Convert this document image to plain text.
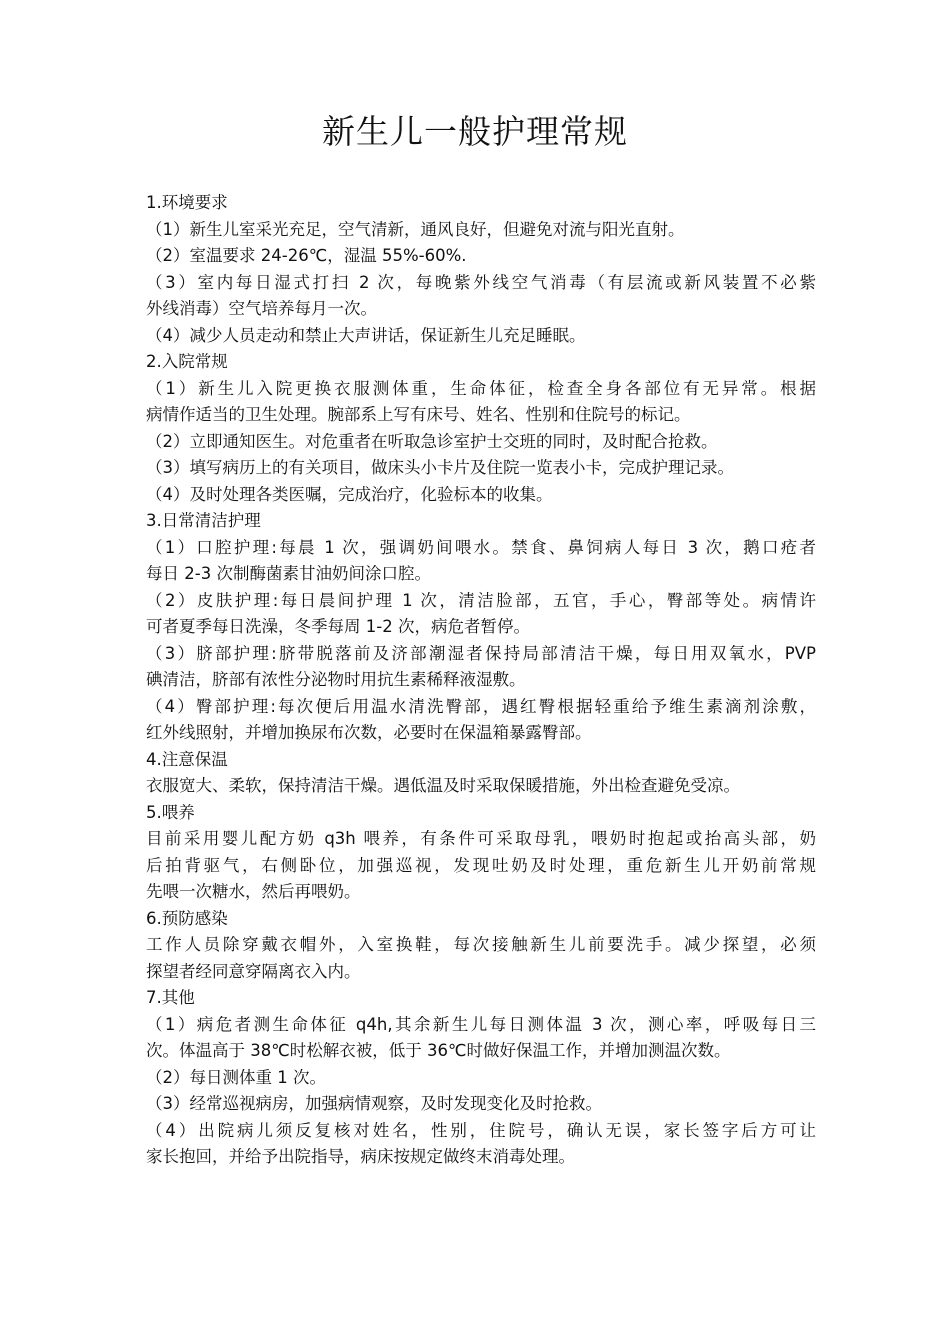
新生儿一般护理常规

1.环境要求

（1）新生儿室采光充足，空气清新，通风良好，但避免对流与阳光直射。

（2）室温要求 24-26℃，湿温 55%-60%.

（3）室内每日湿式打扫 2 次，每晚紫外线空气消毒（有层流或新风装置不必紫

外线消毒）空气培养每月一次。

（4）减少人员走动和禁止大声讲话，保证新生儿充足睡眠。

2.入院常规

（1）新生儿入院更换衣服测体重，生命体征，检查全身各部位有无异常。根据

病情作适当的卫生处理。腕部系上写有床号、姓名、性别和住院号的标记。

（2）立即通知医生。对危重者在听取急诊室护士交班的同时，及时配合抢救。

（3）填写病历上的有关项目，做床头小卡片及住院一览表小卡，完成护理记录。

（4）及时处理各类医嘱，完成治疗，化验标本的收集。

3.日常清洁护理

（1）口腔护理:每晨 1 次，强调奶间喂水。禁食、鼻饲病人每日 3 次，鹅口疮者

每日 2-3 次制酶菌素甘油奶间涂口腔。

（2）皮肤护理:每日晨间护理 1 次，清洁脸部，五官，手心，臀部等处。病情许

可者夏季每日洗澡，冬季每周 1-2 次，病危者暂停。

（3）脐部护理:脐带脱落前及济部潮湿者保持局部清洁干燥，每日用双氧水，PVP

碘清洁，脐部有浓性分泌物时用抗生素稀释液湿敷。

（4）臀部护理:每次便后用温水清洗臀部，遇红臀根据轻重给予维生素滴剂涂敷，

红外线照射，并增加换尿布次数，必要时在保温箱暴露臀部。

4.注意保温

衣服宽大、柔软，保持清洁干燥。遇低温及时采取保暖措施，外出检查避免受凉。

5.喂养

目前采用婴儿配方奶 q3h 喂养，有条件可采取母乳，喂奶时抱起或抬高头部，奶

后拍背驱气，右侧卧位，加强巡视，发现吐奶及时处理，重危新生儿开奶前常规

先喂一次糖水，然后再喂奶。

6.预防感染

工作人员除穿戴衣帽外，入室换鞋，每次接触新生儿前要洗手。减少探望，必须

探望者经同意穿隔离衣入内。

7.其他

（1）病危者测生命体征 q4h,其余新生儿每日测体温 3 次，测心率，呼吸每日三

次。体温高于 38℃时松解衣被，低于 36℃时做好保温工作，并增加测温次数。

（2）每日测体重 1 次。

（3）经常巡视病房，加强病情观察，及时发现变化及时抢救。

（4）出院病儿须反复核对姓名，性别，住院号，确认无误，家长签字后方可让

家长抱回，并给予出院指导，病床按规定做终末消毒处理。
